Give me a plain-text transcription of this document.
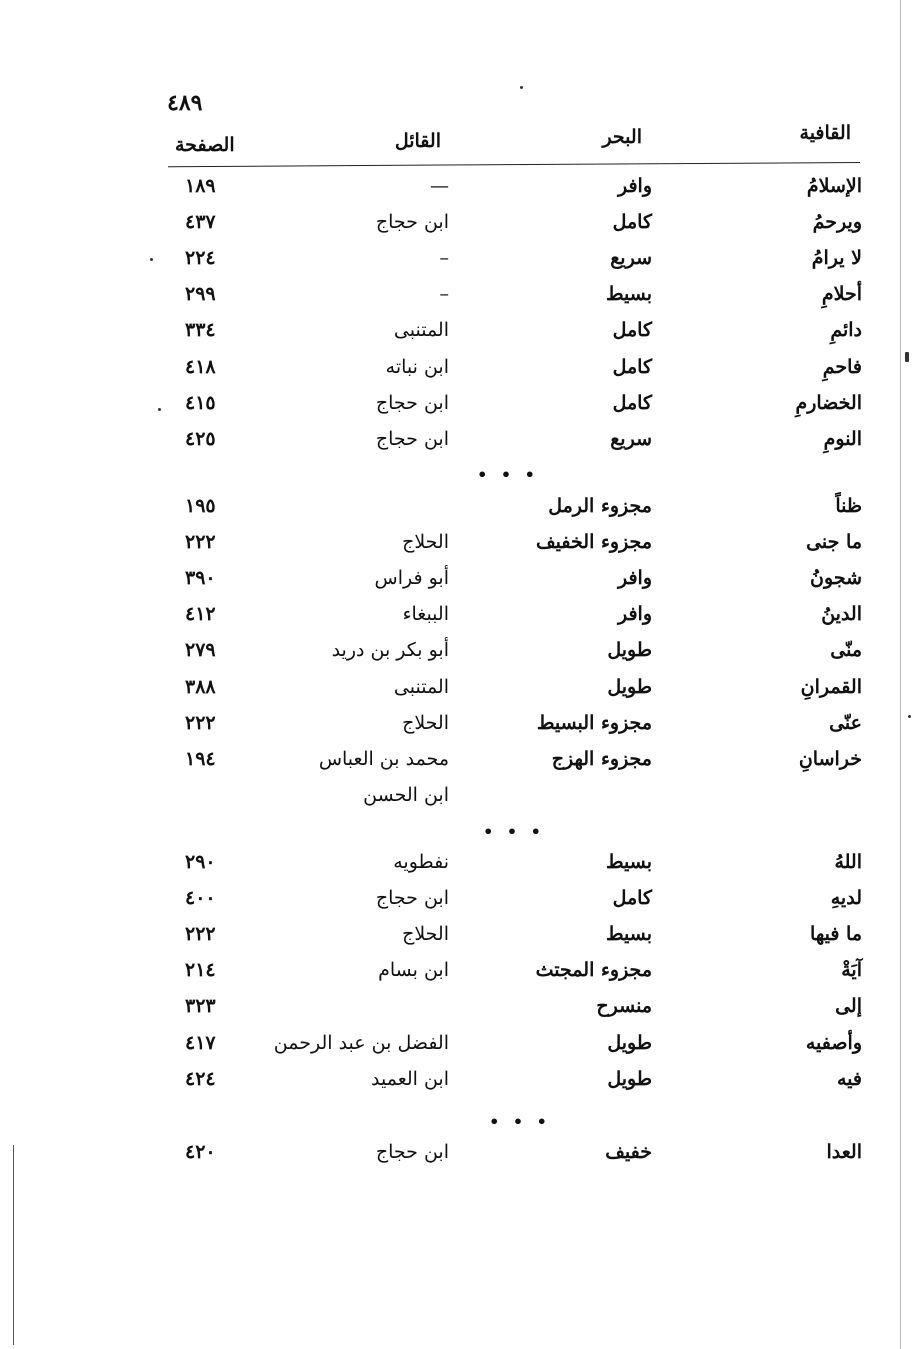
٤٨٩
القافية
البحر
القائل
الصفحة
الإسلامُ
وافر
—
١٨٩
ويرحمُ
كامل
ابن حجاج
٤٣٧
لا يرامُ
سريع
–
٢٢٤
أحلامِ
بسيط
–
٢٩٩
دائمِ
كامل
المتنبى
٣٣٤
فاحمِ
كامل
ابن نباته
٤١٨
الخضارمِ
كامل
ابن حجاج
٤١٥
النومِ
سريع
ابن حجاج
٤٢٥
ظناً
مجزوء الرمل
١٩٥
ما جنى
مجزوء الخفيف
الحلاج
٢٢٢
شجونُ
وافر
أبو فراس
٣٩٠
الدينُ
وافر
الببغاء
٤١٢
منّى
طويل
أبو بكر بن دريد
٢٧٩
القمرانِ
طويل
المتنبى
٣٨٨
عنّى
مجزوء البسيط
الحلاج
٢٢٢
خراسانِ
مجزوء الهزج
محمد بن العباس
١٩٤
ابن الحسن
اللهُ
بسيط
نفطويه
٢٩٠
لديهِ
كامل
ابن حجاج
٤٠٠
ما فيها
بسيط
الحلاج
٢٢٢
آيَةْ
مجزوء المجتث
ابن بسام
٢١٤
إلى
منسرح
٣٢٣
وأصفيه
طويل
الفضل بن عبد الرحمن
٤١٧
فيه
طويل
ابن العميد
٤٢٤
العدا
خفيف
ابن حجاج
٤٢٠
• • •
• • •
• • •
